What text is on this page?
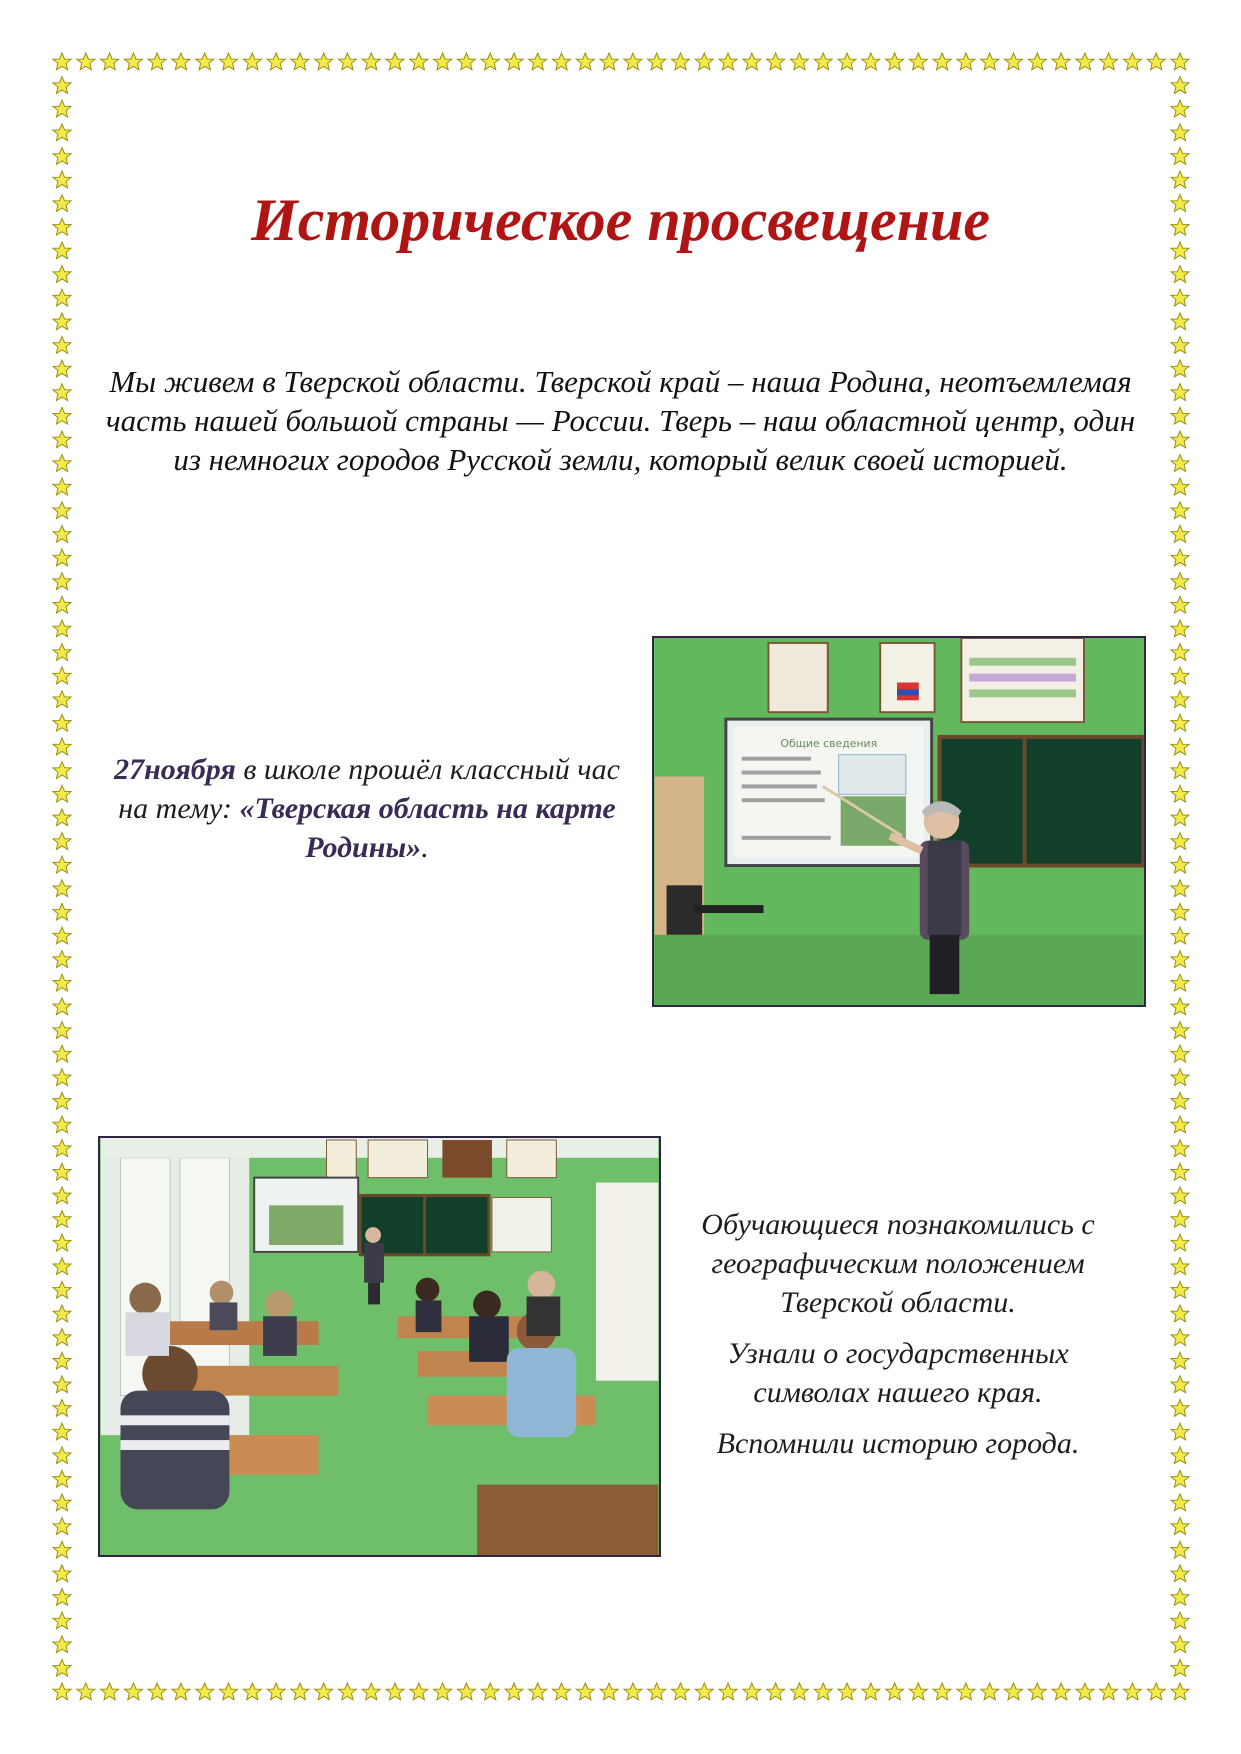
Историческое просвещение

Мы живем в Тверской области. Тверской край – наша Родина, неотъемлемая часть нашей большой страны — России. Тверь – наш областной центр, один из немногих городов Русской земли, который велик своей историей.

27ноября в школе прошёл классный час на тему: «Тверская область на карте Родины».

Общие сведения

Обучающиеся познакомились с географическим положением Тверской области.

Узнали о государственных символах нашего края.

Вспомнили историю города.
